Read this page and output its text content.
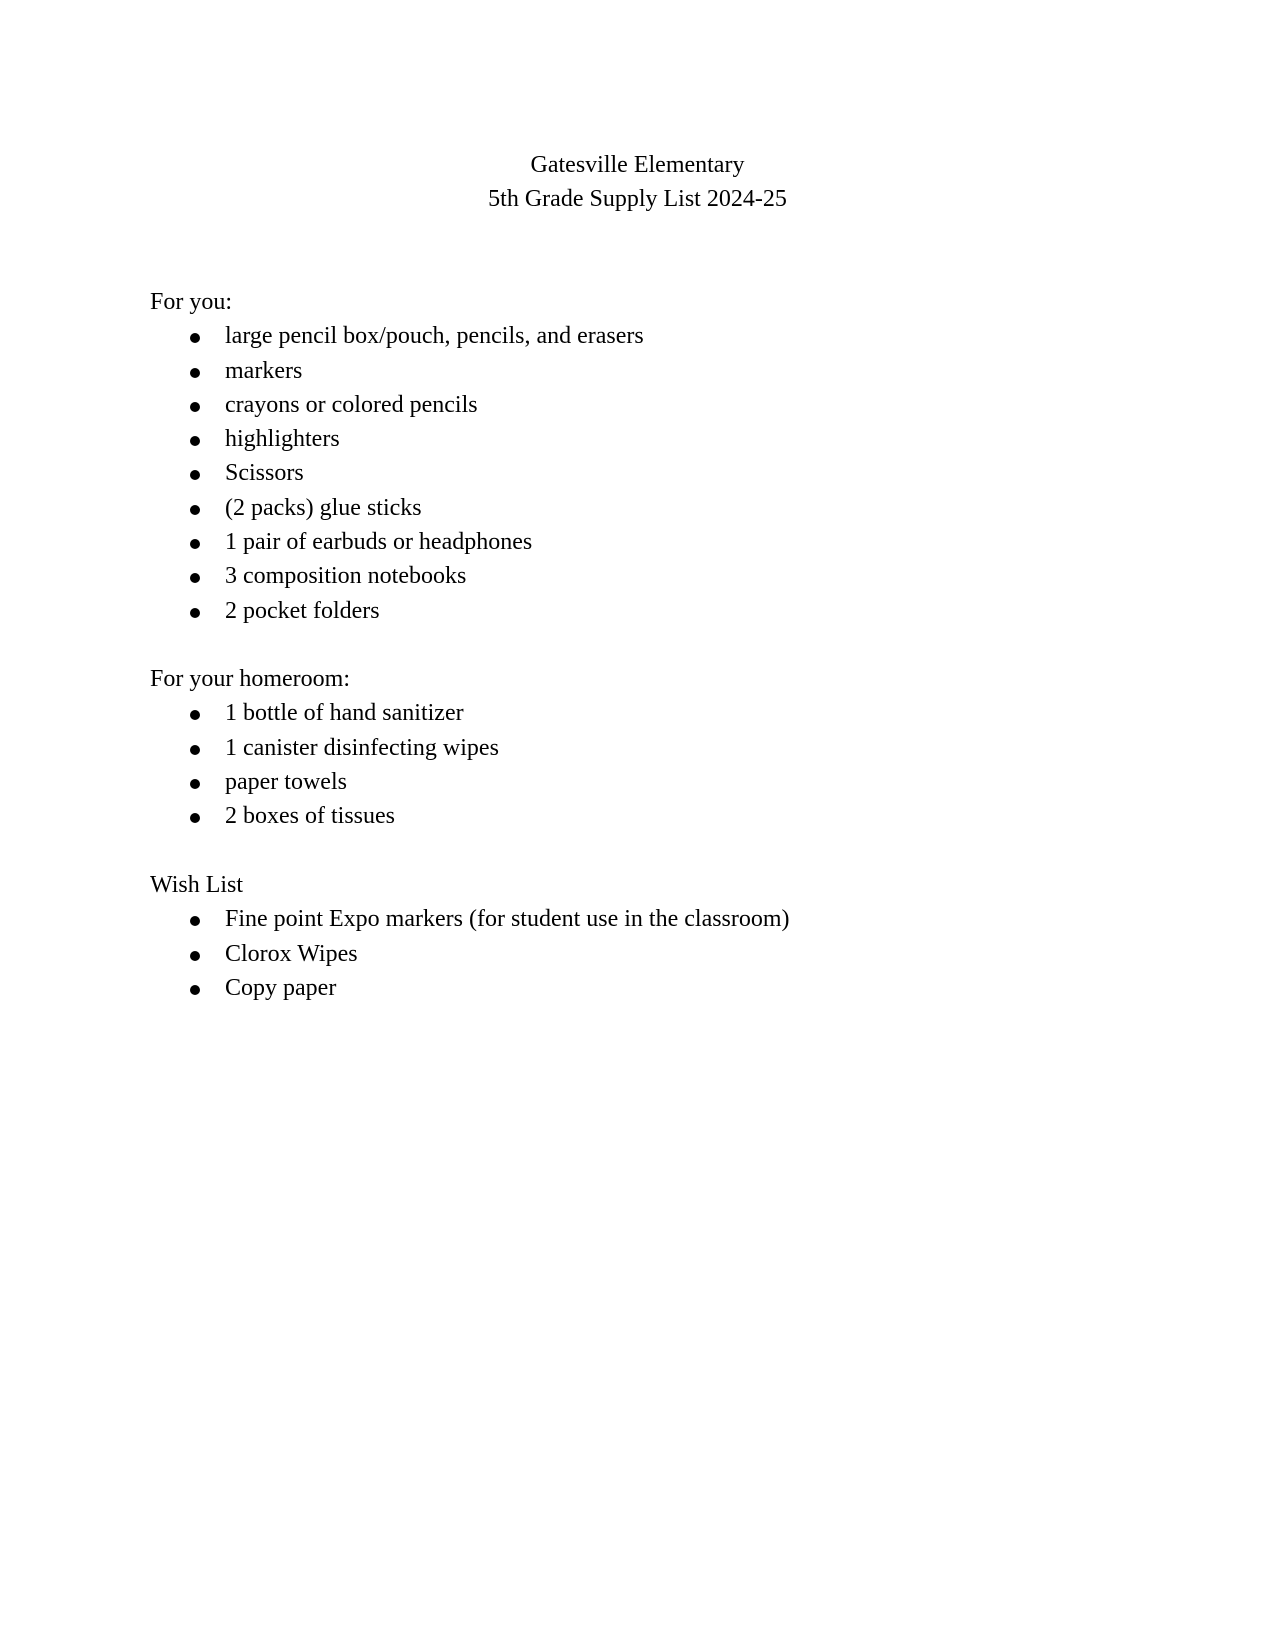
Gatesville Elementary
5th Grade Supply List 2024-25
For you:
large pencil box/pouch, pencils, and erasers
markers
crayons or colored pencils
highlighters
Scissors
(2 packs) glue sticks
1 pair of earbuds or headphones
3 composition notebooks
2 pocket folders
For your homeroom:
1 bottle of hand sanitizer
1 canister disinfecting wipes
paper towels
2 boxes of tissues
Wish List
Fine point Expo markers (for student use in the classroom)
Clorox Wipes
Copy paper
